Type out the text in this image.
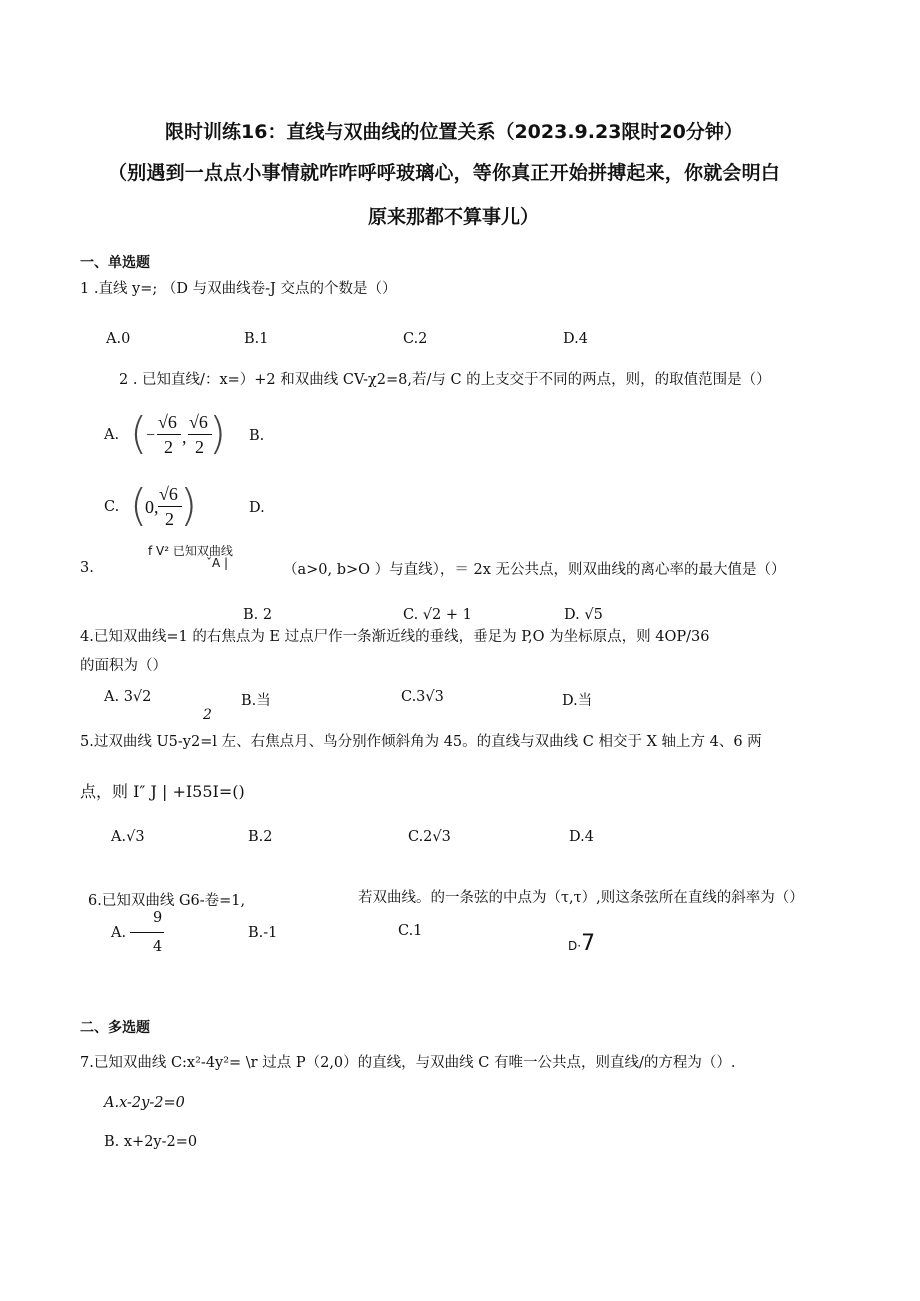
限时训练16：直线与双曲线的位置关系（2023.9.23限时20分钟）
（别遇到一点点小事情就咋咋呼呼玻璃心，等你真正开始拼搏起来，你就会明白
原来那都不算事儿）
一、单选题
1 .直线 y=; （D 与双曲线卷-J 交点的个数是（）
A.0	B.1	C.2	D.4
2 . 已知直线/：x=）+2 和双曲线 CV-χ2=8,若/与 C 的上支交于不同的两点，则，的取值范围是（）
A. (
−
√6
2 ,
√6
2 ) B.
C. (
0,
√6
2 )	D.
f V² 已知双曲线
ˇA |
3.	（a>0, b>O ）与直线），＝ 2x 无公共点，则双曲线的离心率的最大值是（）
B. 2	C. √2 + 1	D. √5
4.已知双曲线=1 的右焦点为 E 过点尸作一条渐近线的垂线，垂足为 P,O 为坐标原点，则 4OP/36
的面积为（）
A. 3√2	B.当	C.3√3	D.当
2
5.过双曲线 U5-y2=l 左、右焦点月、鸟分别作倾斜角为 45。的直线与双曲线 C 相交于 X 轴上方 4、6 两
点，则 I″ J | +I55I=()
A.√3	B.2	C.2√3	D.4
6.已知双曲线 G6-卷=1,	若双曲线。的一条弦的中点为（τ,τ）,则这条弦所在直线的斜率为（）
A.
9
4
B.-1	C.1
D·7
二、多选题
7.已知双曲线 C:x²-4y²= \r 过点 P（2,0）的直线，与双曲线 C 有唯一公共点，则直线/的方程为（）.
A.x-2y-2=0
B. x+2y-2=0
